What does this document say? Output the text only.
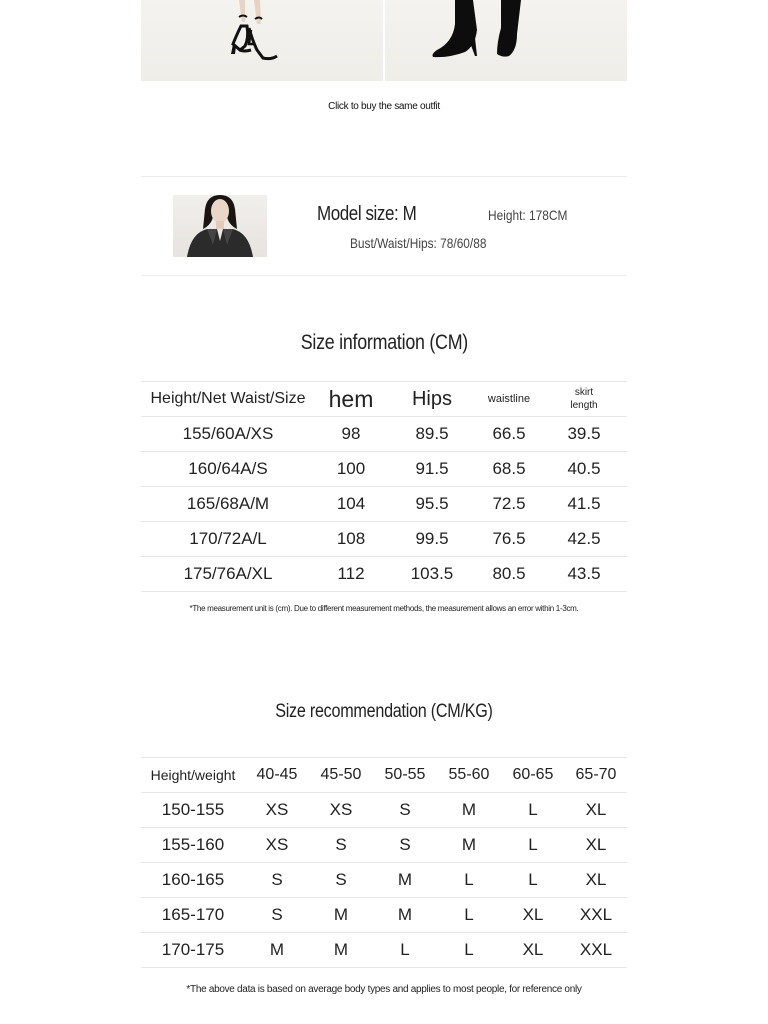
Click to buy the same outfit
Model size: M	Height: 178CM
Bust/Waist/Hips: 78/60/88
Size information (CM)
Height/Net Waist/Size	hem	Hips	waistline	skirt length
155/60A/XS	98	89.5	66.5	39.5
160/64A/S	100	91.5	68.5	40.5
165/68A/M	104	95.5	72.5	41.5
170/72A/L	108	99.5	76.5	42.5
175/76A/XL	112	103.5	80.5	43.5
*The measurement unit is (cm). Due to different measurement methods, the measurement allows an error within 1-3cm.
Size recommendation (CM/KG)
Height/weight	40-45	45-50	50-55	55-60	60-65	65-70
150-155	XS	XS	S	M	L	XL
155-160	XS	S	S	M	L	XL
160-165	S	S	M	L	L	XL
165-170	S	M	M	L	XL	XXL
170-175	M	M	L	L	XL	XXL
*The above data is based on average body types and applies to most people, for reference only
